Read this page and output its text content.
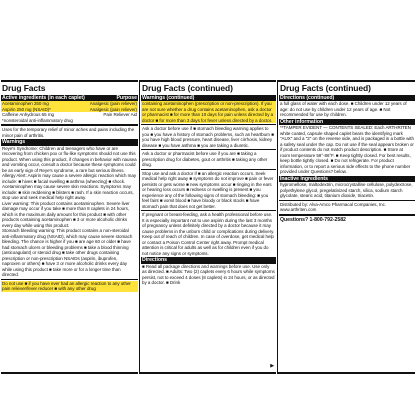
Drug Facts
Active ingredients (in each caplet)	Purpose
Acetaminophen 250 mg	Analgesic (pain reliever)
Aspirin 250 mg (NSAID)*	Analgesic (pain reliever)
Caffeine Anhydrous 65 mg	Pain Reliever Aid

*nonsteroidal anti-inflammatory drug

Uses for the temporary relief of minor aches and pains including the minor pain of arthritis.

Warnings

Reye's Syndrome: Children and teenagers who have or are recovering from chicken pox or flu-like symptoms should not use this product. When using this product, if changes in behavior with nausea and vomiting occur, consult a doctor because these symptoms could be an early sign of Reye's syndrome, a rare but serious illness.

Allergy Alert: Aspirin may cause a severe allergic reaction which may include: ■ hives ■ facial swelling ■ asthma (wheezing) ■ shock. Acetaminophen may cause severe skin reactions. Symptoms may include: ■ skin reddening ■ blisters ■ rash. If a skin reaction occurs, stop use and seek medical help right away.

Liver warning: This product contains acetaminophen. Severe liver damage may occur if you take ■ more than 8 caplets in 24 hours, which is the maximum daily amount for this product ■ with other products containing acetaminophen ■ 3 or more alcoholic drinks every day while using this product.

Stomach bleeding warning: This product contains a non-steroidal anti-inflammatory drug (NSAID), which may cause severe stomach bleeding. The chance is higher if you ■ are age 60 or older ■ have had stomach ulcers or bleeding problems ■ take a blood thinning (anticoagulant) or steroid drug ■ take other drugs containing prescription or non-prescription NSAIDs (aspirin, ibuprofen, naproxen or others) ■ have 3 or more alcoholic drinks every day while using this product ■ take more or for a longer time than directed.

Do not use ■ if you have ever had an allergic reaction to any other pain reliever/fever reducer ■ with any other drug

Drug Facts (continued)
Warnings (continued)

containing acetaminophen (prescription or non-prescription). If you are not sure whether a drug contains acetaminophen, ask a doctor or pharmacist ■ for more than 10 days for pain unless directed by a doctor ■ for more than 3 days for fever unless directed by a doctor.

Ask a doctor before use if ■ stomach bleeding warning applies to you ■ you have a history of stomach problems, such as heartburn ■ you have high blood pressure, heart disease, liver cirrhosis, kidney disease ■ you have asthma ■ you are taking a diuretic.

Ask a doctor or pharmacist before use if you are ■ taking a prescription drug for diabetes, gout or arthritis ■ taking any other drug.

Stop use and ask a doctor if ■ an allergic reaction occurs. Seek medical help right away ■ symptoms do not improve ■ pain or fever persists or gets worse ■ new symptoms occur ■ ringing in the ears or hearing loss occurs ■ redness or swelling is present ■ you experience any of the following signs of stomach bleeding: ■ you feel faint ■ vomit blood ■ have bloody or black stools ■ have stomach pain that does not get better.

If pregnant or breast-feeding, ask a health professional before use. It is especially important not to use aspirin during the last 3 months of pregnancy unless definitely directed by a doctor because it may cause problems in the unborn child or complications during delivery.

Keep out of reach of children. In case of overdose, get medical help or contact a Poison Control Center right away. Prompt medical attention is critical for adults as well as for children even if you do not notice any signs or symptoms.

Directions

■ Read all package directions and warnings before use. Use only as directed. ■ Adults: Two (2) caplets every 6 hours while symptoms persist, not to exceed 4 doses (8 caplets) in 24 hours, or as directed by a doctor. ■ Drink

▶
Drug Facts (continued)
Directions (continued)

a full glass of water with each dose. ■ Children under 12 years of age: do not use by children under 12 years of age. ■ Not recommended for use by children.

Other information

**TAMPER EVIDENT — CONTENTS SEALED: Each ARTHRITEN white coated, capsule shaped caplet bears the identifying mark "AUX" and a "2" on the reverse side, and is packaged in a bottle with a safety seal under the cap. Do not use if the seal appears broken or if product contents do not match product description. ■ Store at room temperature 59°-86°F. ■ Keep tightly closed. For best results, keep bottle tightly closed. ■ Do not refrigerate. For product information, or to report a serious side effects to the phone number provided under Questions? below.

Inactive ingredients

hypromellose, maltodextrin, microcrystalline cellulose, polydextrose, polyethylene glycol, pregelatinized starch, silica, sodium starch glycolate, stearic acid, titanium dioxide, triacetin.

Distributed by: Alva-Amco Pharmacal Companies, Inc. www.arthriten.com

Questions? 1-800-792-2582
